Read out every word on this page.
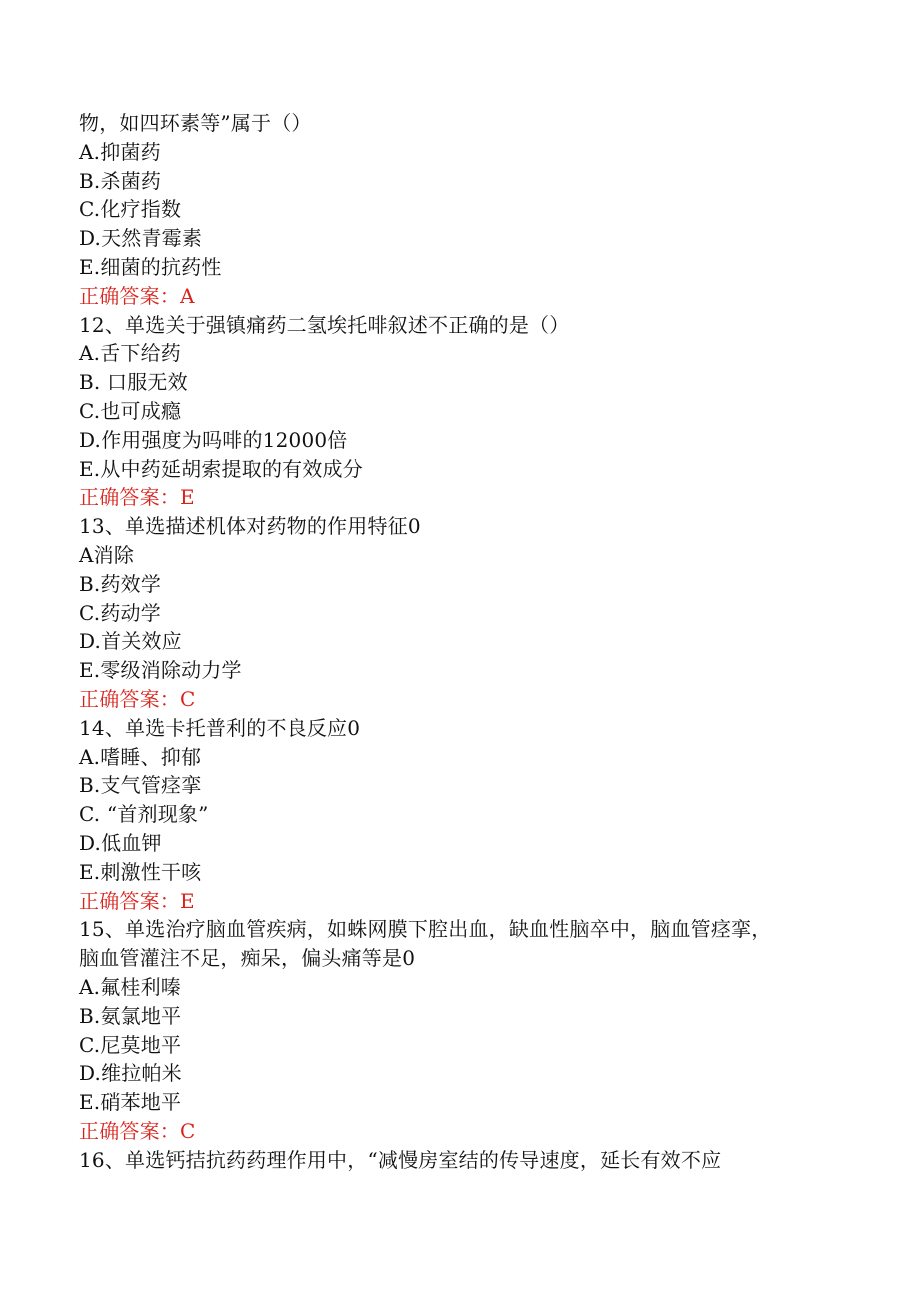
物，如四环素等”属于（）
A.抑菌药
B.杀菌药
C.化疗指数
D.天然青霉素
E.细菌的抗药性
正确答案：A
12、单选关于强镇痛药二氢埃托啡叙述不正确的是（）
A.舌下给药
B. 口服无效
C.也可成瘾
D.作用强度为吗啡的12000倍
E.从中药延胡索提取的有效成分
正确答案：E
13、单选描述机体对药物的作用特征0
A消除
B.药效学
C.药动学
D.首关效应
E.零级消除动力学
正确答案：C
14、单选卡托普利的不良反应0
A.嗜睡、抑郁
B.支气管痉挛
C. “首剂现象”
D.低血钾
E.刺激性干咳
正确答案：E
15、单选治疗脑血管疾病，如蛛网膜下腔出血，缺血性脑卒中，脑血管痉挛，
脑血管灌注不足，痴呆，偏头痛等是0
A.氟桂利嗪
B.氨氯地平
C.尼莫地平
D.维拉帕米
E.硝苯地平
正确答案：C
16、单选钙拮抗药药理作用中，“减慢房室结的传导速度，延长有效不应
